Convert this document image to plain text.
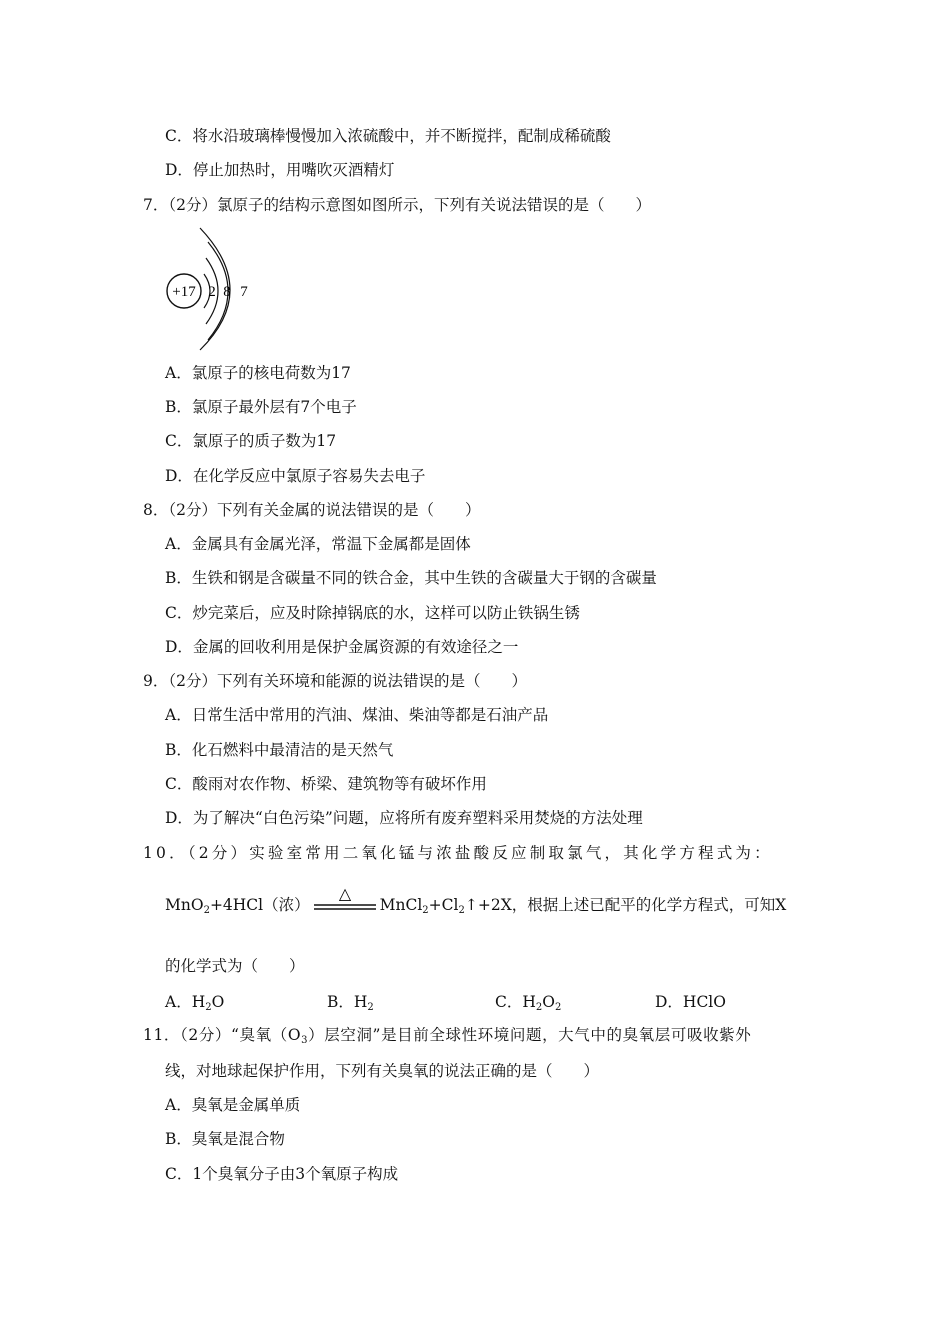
C．将水沿玻璃棒慢慢加入浓硫酸中，并不断搅拌，配制成稀硫酸
D．停止加热时，用嘴吹灭酒精灯
7．（2分）氯原子的结构示意图如图所示，下列有关说法错误的是（　　）
+17 2 8 7
A．氯原子的核电荷数为17
B．氯原子最外层有7个电子
C．氯原子的质子数为17
D．在化学反应中氯原子容易失去电子
8．（2分）下列有关金属的说法错误的是（　　）
A．金属具有金属光泽，常温下金属都是固体
B．生铁和钢是含碳量不同的铁合金，其中生铁的含碳量大于钢的含碳量
C．炒完菜后，应及时除掉锅底的水，这样可以防止铁锅生锈
D．金属的回收利用是保护金属资源的有效途径之一
9．（2分）下列有关环境和能源的说法错误的是（　　）
A．日常生活中常用的汽油、煤油、柴油等都是石油产品
B．化石燃料中最清洁的是天然气
C．酸雨对农作物、桥梁、建筑物等有破坏作用
D．为了解决“白色污染”问题，应将所有废弃塑料采用焚烧的方法处理
10．（2分）实验室常用二氧化锰与浓盐酸反应制取氯气，其化学方程式为：
MnO$_2$+4HCl（浓）
△
$MnCl_2+Cl_2↑+2X$，根据上述已配平的化学方程式，可知X
的化学式为（　　）
A．$H_2O$	B．$H_2$	C．$H_2O_2$	D．HClO
11．（2分）“臭氧$(O_3)$层空洞”是目前全球性环境问题，大气中的臭氧层可吸收紫外
线，对地球起保护作用，下列有关臭氧的说法正确的是（　　）
A．臭氧是金属单质
B．臭氧是混合物
C．1个臭氧分子由3个氧原子构成
